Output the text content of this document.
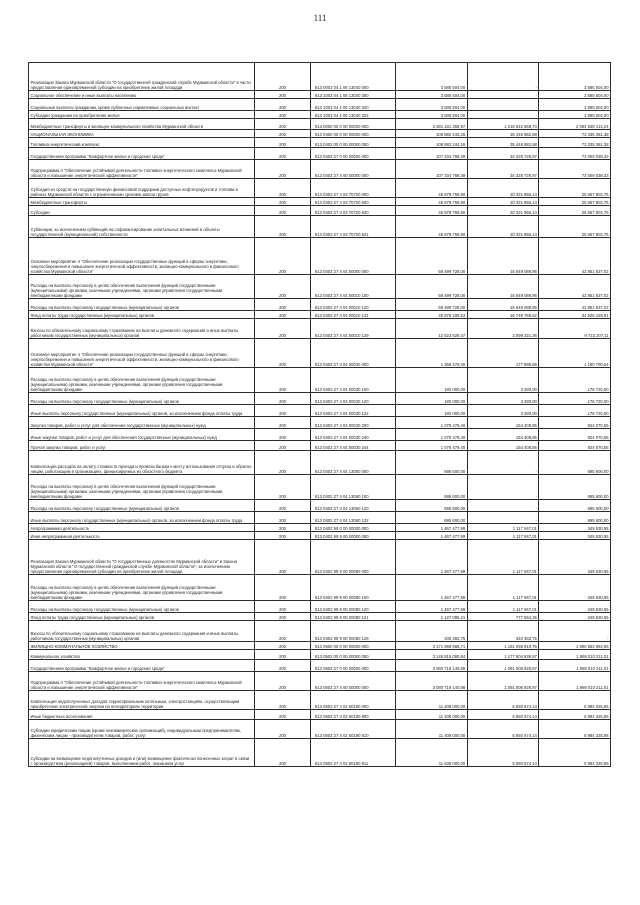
111
Реализация Закона Мурманской области "О государственной гражданской службе Мурманской области" в части предоставления единовременной субсидии на приобретение жилой площади	200	813 0003 04 1 06 13040 000	3 585 504,00	-	3 585 504,00
Социальное обеспечение и иные выплаты населению	200	813 1003 04 1 06 13040 300	3 585 504,00	-	3 585 504,00
Социальные выплаты гражданам, кроме публичных нормативных социальных выплат	200	813 1003 04 1 06 13040 320	3 585 504,00	-	3 585 504,00
Субсидии гражданам на приобретение жилья	200	813 1003 04 1 06 13040 322	3 585 504,00	-	3 585 504,00
Межбюджетные трансферты и жилищно-коммунального хозяйства Мурманской области	200	813 0000 00 0 00 00000 000	3 281 181 359,97	1 216 542 668,73	2 064 638 414,24
НАЦИОНАЛЬНАЯ ЭКОНОМИКА	200	813 0400 00 0 00 00000 000	108 882 243,26	35 446 882,88	73 335 361,38
Топливно-энергетический комплекс	200	813 0402 00 0 00 00000 000	108 882 244,26	35 446 882,88	73 335 361,38
Государственная программа "Комфортное жилье и городская среда"	200	813 0402 27 0 00 00000 000	107 334 768,39	34 325 729,97	73 009 038,33
Подпрограмма 4 "Обеспечение устойчивой деятельности топливно-энергетического комплекса Мурманской области и повышение энергетической эффективности"	200	813 0402 27 4 00 00000 000	107 334 768,39	34 325 729,97	73 009 038,33
Субсидия из средств на государственную финансовой поддержки доступных нефтепродуктов и топлива в районах Мурманской области с ограниченными сроками завоза грузов	200	813 0402 27 4 03 70720 000	45 979 759,90	20 321 956,14	25 657 802,76
Межбюджетные трансферты	200	813 0402 27 4 03 70720 500	45 979 759,90	20 321 956,14	25 657 802,76
Субсидии	200	813 0402 27 4 03 70720 520	45 979 759,90	20 321 956,14	25 657 802,76
Субвенции, за исключением субвенций на софинансирование капитальных вложений в объекты государственной (муниципальной) собственности	200	813 0402 27 4 03 70720 521	45 979 759,90	20 321 956,14	25 657 802,76
Основное мероприятие 4 "Обеспечение реализации государственных функций в сферах энергетики, энергосбережения и повышения энергетической эффективности, жилищно-коммунального и финансового хозяйства Мурманской области"	200	813 0402 27 4 04 00000 000	58 499 728,00	15 649 088,96	42 851 637,02
Расходы на выплаты персоналу в целях обеспечения выполнения функций государственными (муниципальными) органами, казенными учреждениями, органами управления государственными внебюджетными фондами	200	813 0402 27 4 04 00010 100	58 499 728,00	15 649 088,96	42 851 637,02
Расходы на выплаты персоналу государственных (муниципальных) органов	200	813 0402 27 4 04 00010 120	58 499 728,00	15 649 088,96	42 851 637,02
Фонд оплаты труда государственных (муниципальных) органов	200	813 0402 27 4 04 00010 121	45 976 199,53	16 749 769,62	34 526 429,91
Взносы по обязательному социальному страхованию на выплаты денежного содержания и иные выплаты работникам государственных (муниципальных) органов	200	813 0402 27 4 04 00010 129	12 523 528,47	3 099 321,36	9 723 207,11
Основное мероприятие 4 "Обеспечение реализации государственных функций в сферах энергетики, энергосбережения и повышения энергетической эффективности, жилищно-коммунального и финансового хозяйства Мурманской области"	200	813 0402 27 4 04 00030 000	1 358 479,40	177 688,86	1 180 790,54
Расходы на выплаты персоналу в целях обеспечения выполнения функций государственными (муниципальными) органами, казенными учреждениями, органами управления государственными внебюджетными фондами	200	813 0402 27 4 04 00030 100	180 000,00	3 280,00	176 720,00
Расходы на выплаты персоналу государственных (муниципальных) органов	200	813 0402 27 4 04 00030 120	180 000,00	3 280,00	176 720,00
Иные выплаты персоналу государственных (муниципальных) органов, за исключением фонда оплаты труда	200	813 0402 27 4 04 00030 122	180 000,00	3 280,00	176 720,00
Закупка товаров, работ и услуг для обеспечения государственных (муниципальных) нужд	200	813 0402 27 4 04 00030 200	1 078 479,40	154 408,85	924 070,55
Иные закупки товаров, работ и услуг для обеспечения государственных (муниципальных) нужд	200	813 0402 27 4 04 00030 240	1 078 479,40	154 408,85	924 070,55
Прочая закупка товаров, работ и услуг	200	813 0402 27 4 04 00030 244	1 078 479,40	154 408,85	924 070,55
Компенсация расходов на оплату стоимости проезда и провоза багажа к месту использования отпуска и обратно лицам, работающим в организациях, финансируемых из областного бюджета	200	813 0402 27 4 04 13060 000	695 600,00	-	695 600,00
Расходы на выплаты персоналу в целях обеспечения выполнения функций государственными (муниципальными) органами, казенными учреждениями, органами управления государственными внебюджетными фондами	200	813 0402 27 4 04 13060 100	695 600,00	-	695 600,00
Расходы на выплаты персоналу государственных (муниципальных) органов	200	813 0402 27 4 04 13060 120	695 600,00	-	695 600,00
Иные выплаты персоналу государственных (муниципальных) органов, за исключением фонда оплаты труда	200	813 0402 27 4 04 13060 122	695 600,00	-	695 600,00
Непрограммная деятельность	200	813 0402 99 0 00 00000 000	1 467 477,99	1 117 947,01	349 530,95
Иная непрограммная деятельность	200	813 0402 99 9 00 00000 000	1 467 477,99	1 117 947,01	349 530,95
Реализация Закона Мурманской области "О государственных должностях Мурманской области" и Закона Мурманской области "О государственной гражданской службе Мурманской области", за исключением предоставления единовременной субсидии на приобретение жилой площади	200	813 0402 99 9 00 00080 000	1 467 477,99	1 117 947,01	349 530,95
Расходы на выплаты персоналу в целях обеспечения выполнения функций государственными (муниципальными) органами, казенными учреждениями, органами управления государственными внебюджетными фондами	200	813 0402 99 9 00 00080 100	1 467 477,99	1 117 947,01	349 530,95
Расходы на выплаты персоналу государственных (муниципальных) органов	200	813 0402 99 9 00 00080 120	1 467 477,99	1 117 947,01	349 530,95
Фонд оплаты труда государственных (муниципальных) органов	200	813 0402 99 9 00 00080 121	1 127 095,21	777 564,26	349 530,95
Взносы по обязательному социальному страхованию на выплаты денежного содержания и иные выплаты работникам государственных (муниципальных) органов	200	813 0402 99 9 00 00080 129	340 382,75	340 382,75	-
ЖИЛИЩНО-КОММУНАЛЬНОЕ ХОЗЯЙСТВО	200	813 0500 00 0 00 00000 000	3 171 869 865,71	1 181 095 910,75	1 990 563 954,96
Коммунальное хозяйство	200	813 0502 00 0 00 00000 000	3 146 815 080,84	1 177 804 939,87	1 969 010 211,01
Государственная программа "Комфортное жилье и городская среда"	200	813 0502 27 0 00 00000 000	3 080 719 140,88	1 091 006 929,87	1 989 010 211,01
Подпрограмма 4 "Обеспечение устойчивой деятельности топливно-энергетического комплекса Мурманской области и повышение энергетической эффективности"	200	813 0502 27 4 00 00000 000	3 080 719 140,88	1 091 006 929,87	1 989 010 211,01
Компенсация недополученных доходов территориальным котельным, электростанциям, осуществляющим приобретение электрической энергии на нетерриториях территории	200	813 0502 27 4 02 60190 000	11 408 000,00	5 650 674,14	5 984 325,86
Иные бюджетные ассигнования	200	813 0502 27 4 02 60190 800	11 408 000,00	5 650 674,14	5 984 325,86
Субсидии юридическим лицам (кроме некоммерческих организаций), индивидуальным предпринимателям, физическим лицам - производителям товаров, работ, услуг	200	813 0502 27 4 02 60190 810	11 408 000,00	5 650 674,14	5 984 325,86
Субсидии на возмещение недополученных доходов и (или) возмещение фактически понесенных затрат в связи с производством (реализацией) товаров, выполнением работ, оказанием услуг	200	813 0502 27 4 02 60190 811	11 635 000,00	5 650 674,14	5 984 325,86
